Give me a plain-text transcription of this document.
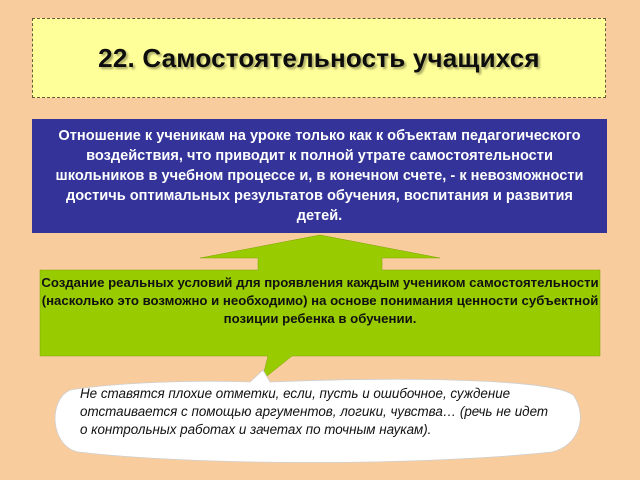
22. Самостоятельность учащихся
Отношение к ученикам на уроке только как к объектам педагогического воздействия, что приводит к полной утрате самостоятельности школьников в учебном процессе и, в конечном счете, - к невозможности достичь оптимальных результатов обучения, воспитания и развития детей.
Создание реальных условий для проявления каждым учеником самостоятельности (насколько это возможно и необходимо) на основе понимания ценности субъектной позиции ребенка в обучении.
Не ставятся плохие отметки, если, пусть и ошибочное, суждение отстаивается с помощью аргументов, логики, чувства… (речь не идет о контрольных работах и зачетах по точным наукам).
